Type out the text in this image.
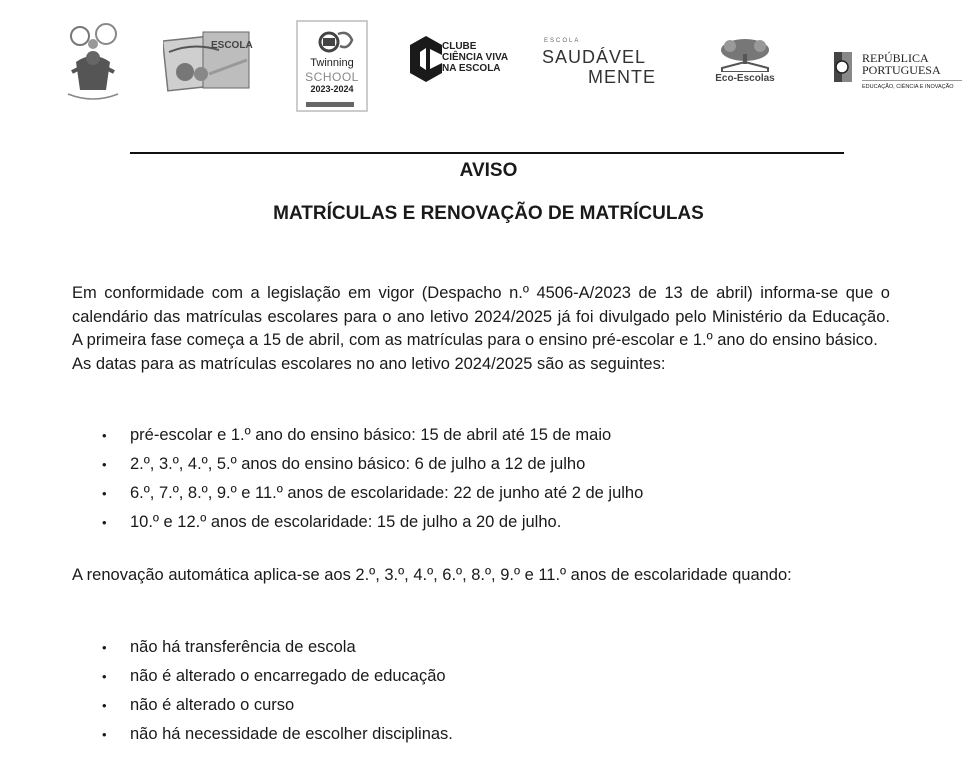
ESCOLA
Twinning
SCHOOL
2023-2024
CLUBE
CIÊNCIA VIVA
NA ESCOLA
ESCOLA
SAUDÁVEL
MENTE	Eco-Escolas
REPÚBLICA
PORTUGUESA
EDUCAÇÃO, CIÊNCIA E INOVAÇÃO
AVISO
MATRÍCULAS E RENOVAÇÃO DE MATRÍCULAS
Em conformidade com a legislação em vigor (Despacho n.º 4506-A/2023 de 13 de abril) informa-se que o calendário das matrículas escolares para o ano letivo 2024/2025 já foi divulgado pelo Ministério da Educação. A primeira fase começa a 15 de abril, com as matrículas para o ensino pré-escolar e 1.º ano do ensino básico.
As datas para as matrículas escolares no ano letivo 2024/2025 são as seguintes:
• pré-escolar e 1.º ano do ensino básico: 15 de abril até 15 de maio
• 2.º, 3.º, 4.º, 5.º anos do ensino básico: 6 de julho a 12 de julho
• 6.º, 7.º, 8.º, 9.º e 11.º anos de escolaridade: 22 de junho até 2 de julho
• 10.º e 12.º anos de escolaridade: 15 de julho a 20 de julho.
A renovação automática aplica-se aos 2.º, 3.º, 4.º, 6.º, 8.º, 9.º e 11.º anos de escolaridade quando:
• não há transferência de escola
• não é alterado o encarregado de educação
• não é alterado o curso
• não há necessidade de escolher disciplinas.
